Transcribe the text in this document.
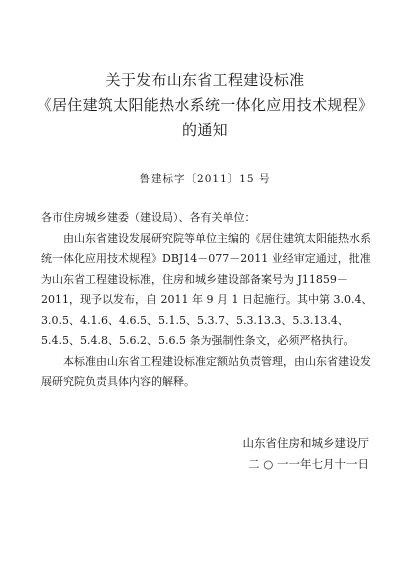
关于发布山东省工程建设标准
《居住建筑太阳能热水系统一体化应用技术规程》
的通知
鲁建标字〔2011〕15 号

各市住房城乡建委（建设局）、各有关单位：

由山东省建设发展研究院等单位主编的《居住建筑太阳能热水系统一体化应用技术规程》DBJ14－077－2011 业经审定通过，批准为山东省工程建设标准，住房和城乡建设部备案号为 J11859－2011，现予以发布，自 2011 年 9 月 1 日起施行。其中第 3.0.4、3.0.5、4.1.6、4.6.5、5.1.5、5.3.7、5.3.13.3、5.3.13.4、5.4.5、5.4.8、5.6.2、5.6.5 条为强制性条文，必须严格执行。

本标准由山东省工程建设标准定额站负责管理，由山东省建设发展研究院负责具体内容的解释。

山东省住房和城乡建设厅
二 ○ 一一年七月十一日
